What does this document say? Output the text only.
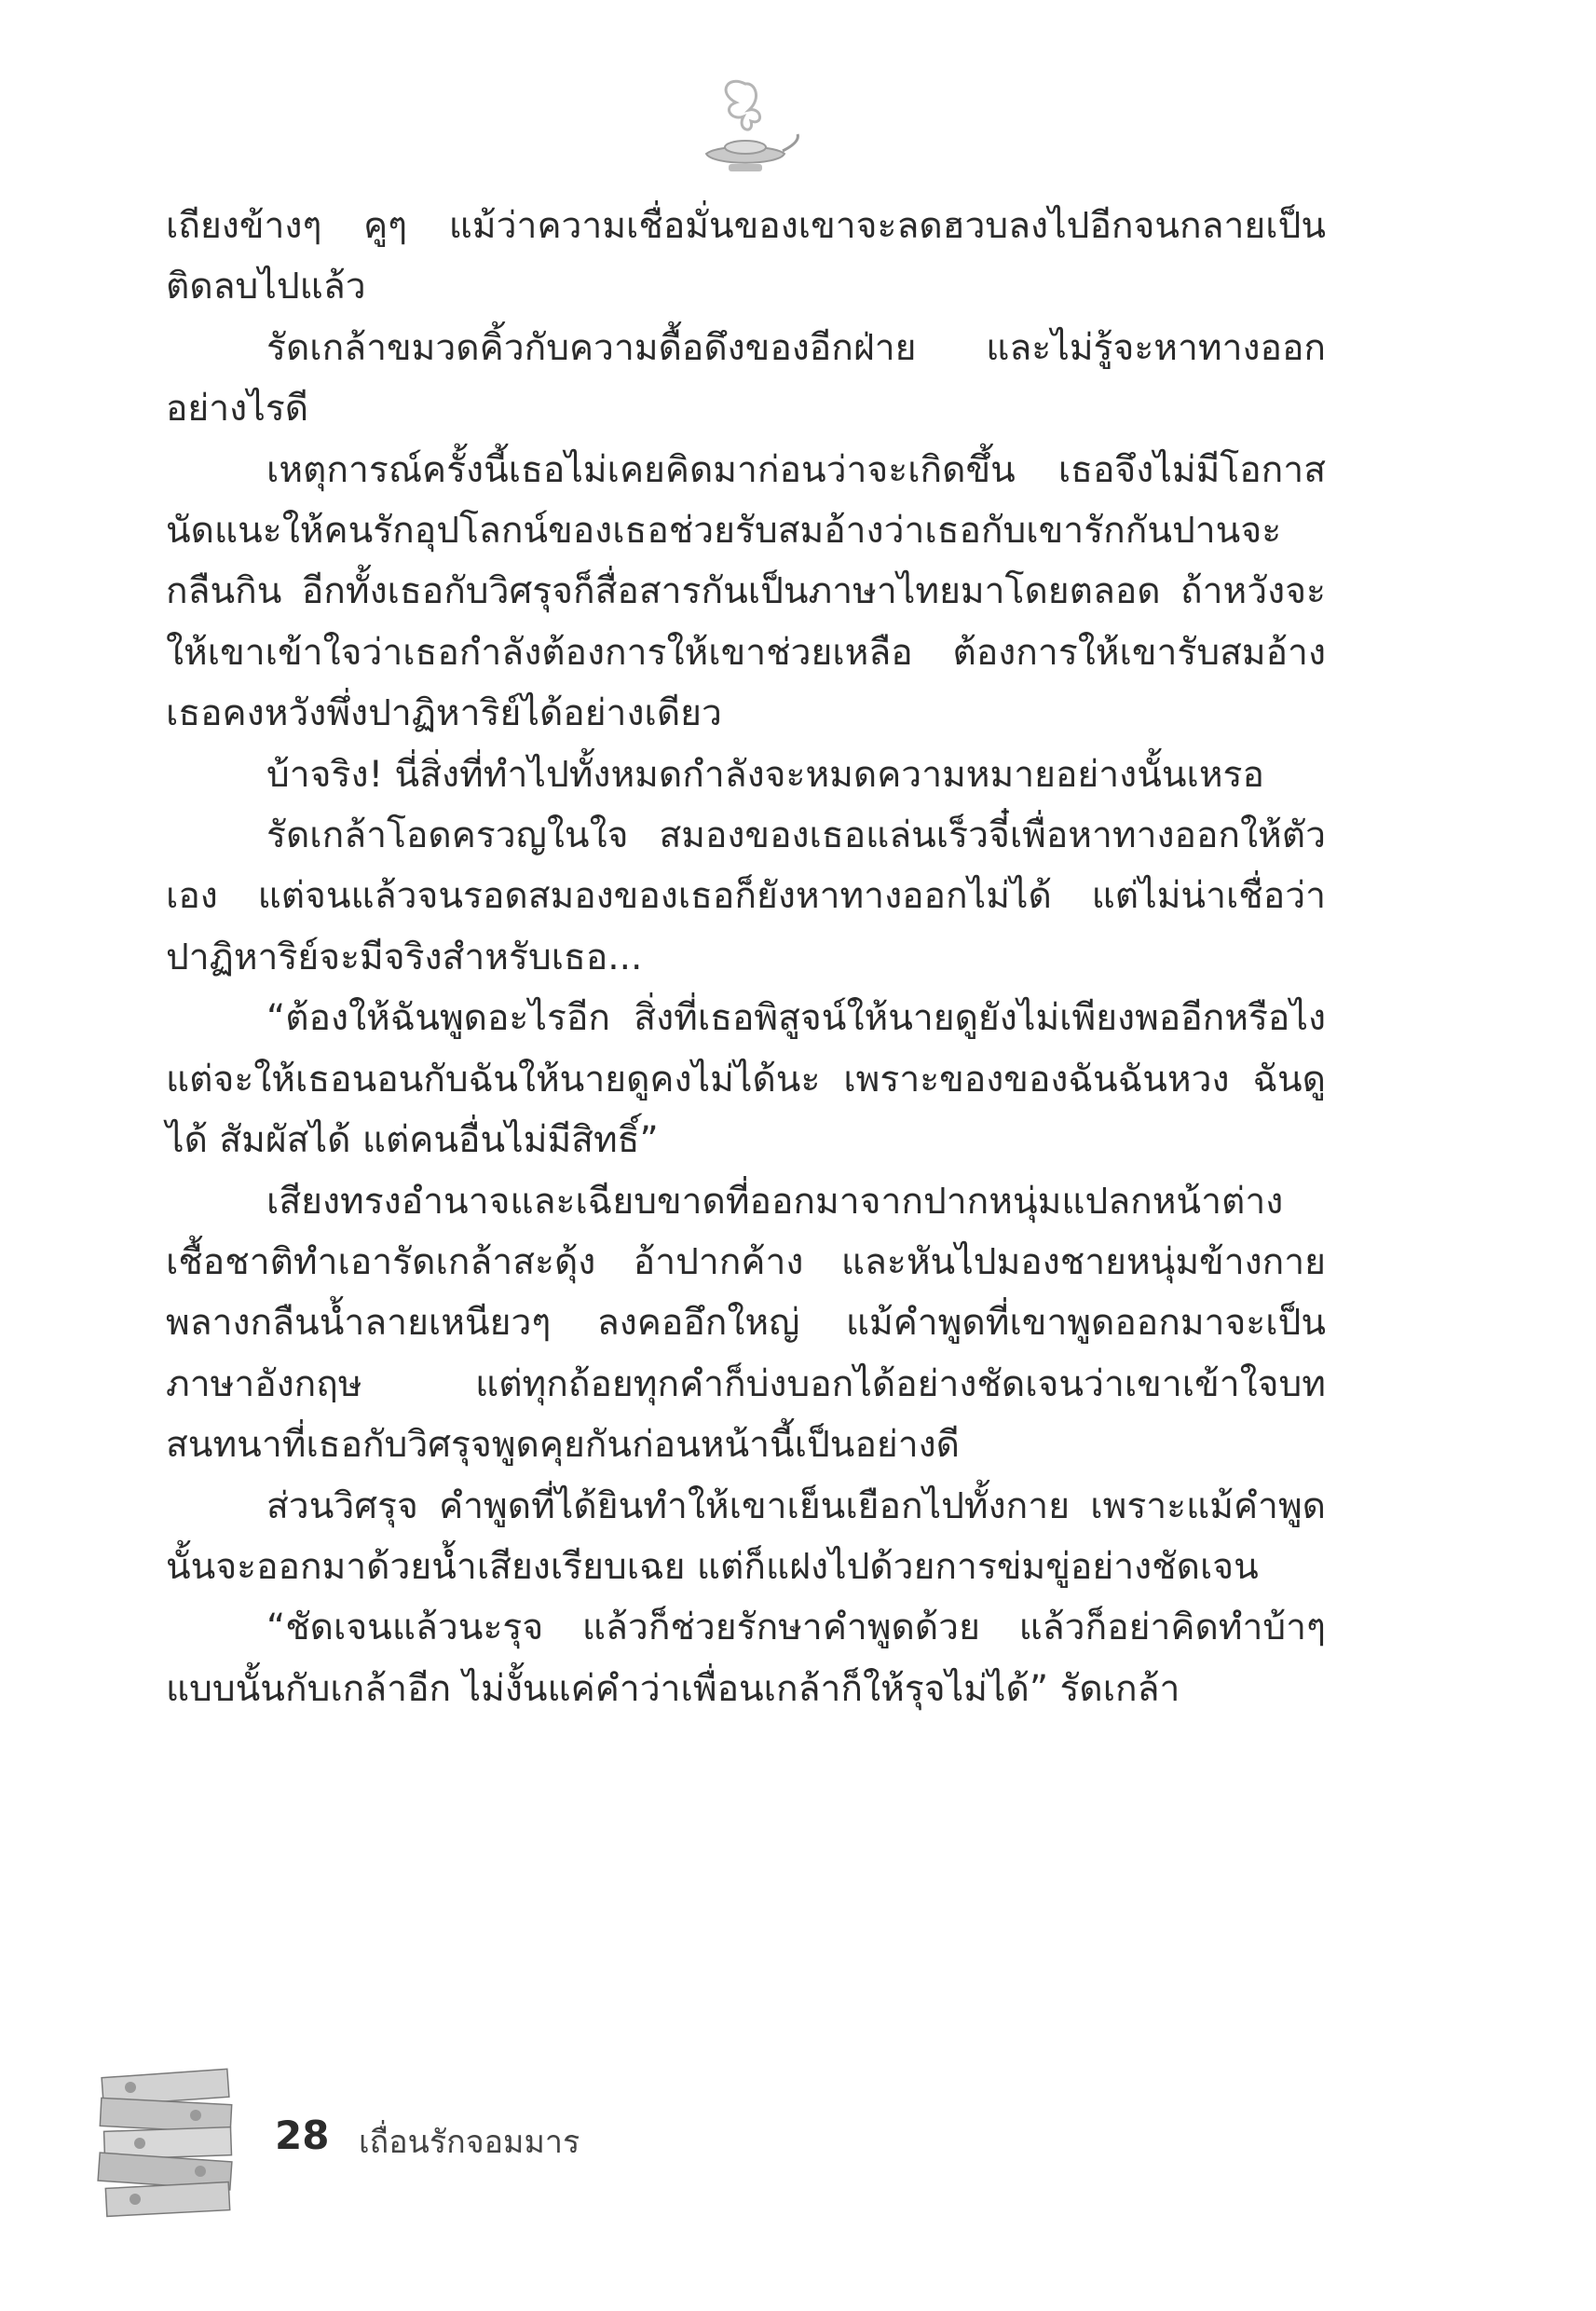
เถียงข้างๆ คูๆ แม้ว่าความเชื่อมั่นของเขาจะลดฮวบลงไปอีกจนกลายเป็นติดลบไปแล้ว

รัดเกล้าขมวดคิ้วกับความดื้อดึงของอีกฝ่าย และไม่รู้จะหาทางออกอย่างไรดี

เหตุการณ์ครั้งนี้เธอไม่เคยคิดมาก่อนว่าจะเกิดขึ้น เธอจึงไม่มีโอกาสนัดแนะให้คนรักอุปโลกน์ของเธอช่วยรับสมอ้างว่าเธอกับเขารักกันปานจะกลืนกิน อีกทั้งเธอกับวิศรุจก็สื่อสารกันเป็นภาษาไทยมาโดยตลอด ถ้าหวังจะให้เขาเข้าใจว่าเธอกำลังต้องการให้เขาช่วยเหลือ ต้องการให้เขารับสมอ้างเธอคงหวังพึ่งปาฏิหาริย์ได้อย่างเดียว

บ้าจริง! นี่สิ่งที่ทำไปทั้งหมดกำลังจะหมดความหมายอย่างนั้นเหรอ

รัดเกล้าโอดครวญในใจ สมองของเธอแล่นเร็วจี๋เพื่อหาทางออกให้ตัวเอง แต่จนแล้วจนรอดสมองของเธอก็ยังหาทางออกไม่ได้ แต่ไม่น่าเชื่อว่าปาฏิหาริย์จะมีจริงสำหรับเธอ...

“ต้องให้ฉันพูดอะไรอีก สิ่งที่เธอพิสูจน์ให้นายดูยังไม่เพียงพออีกหรือไง แต่จะให้เธอนอนกับฉันให้นายดูคงไม่ได้นะ เพราะของของฉันฉันหวง ฉันดูได้ สัมผัสได้ แต่คนอื่นไม่มีสิทธิ์”

เสียงทรงอำนาจและเฉียบขาดที่ออกมาจากปากหนุ่มแปลกหน้าต่างเชื้อชาติทำเอารัดเกล้าสะดุ้ง อ้าปากค้าง และหันไปมองชายหนุ่มข้างกาย พลางกลืนน้ำลายเหนียวๆ ลงคออึกใหญ่ แม้คำพูดที่เขาพูดออกมาจะเป็นภาษาอังกฤษ แต่ทุกถ้อยทุกคำก็บ่งบอกได้อย่างชัดเจนว่าเขาเข้าใจบทสนทนาที่เธอกับวิศรุจพูดคุยกันก่อนหน้านี้เป็นอย่างดี

ส่วนวิศรุจ คำพูดที่ได้ยินทำให้เขาเย็นเยือกไปทั้งกาย เพราะแม้คำพูดนั้นจะออกมาด้วยน้ำเสียงเรียบเฉย แต่ก็แฝงไปด้วยการข่มขู่อย่างชัดเจน

“ชัดเจนแล้วนะรุจ แล้วก็ช่วยรักษาคำพูดด้วย แล้วก็อย่าคิดทำบ้าๆ แบบนั้นกับเกล้าอีก ไม่งั้นแค่คำว่าเพื่อนเกล้าก็ให้รุจไม่ได้” รัดเกล้า

28 เถื่อนรักจอมมาร
